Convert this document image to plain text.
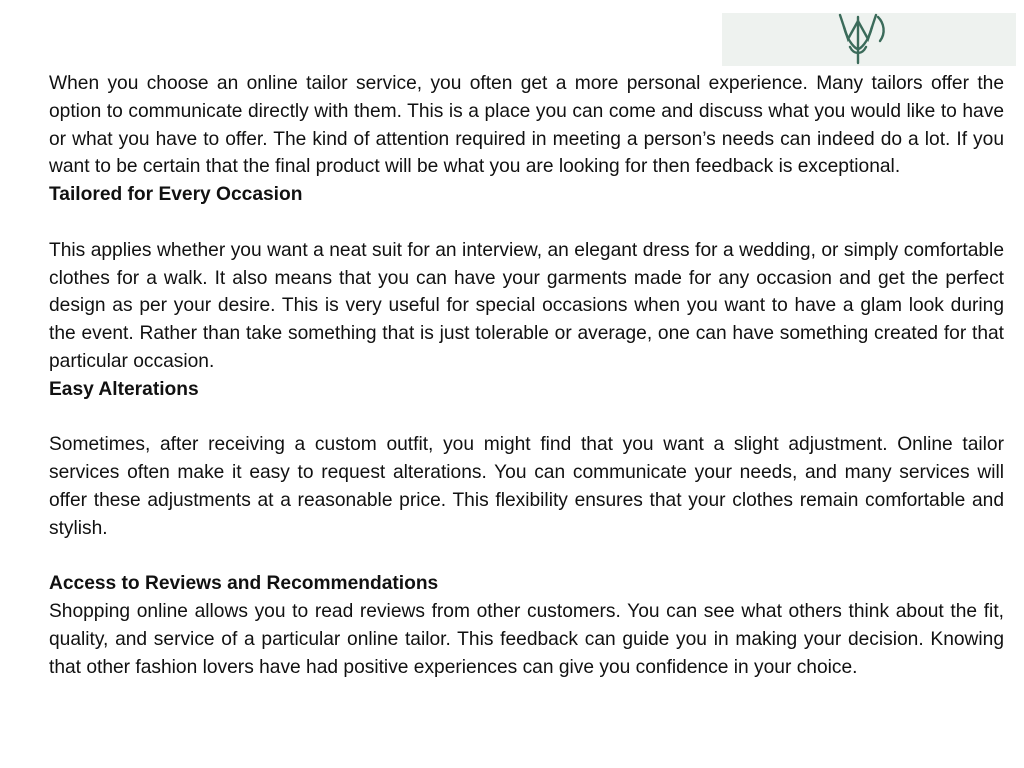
When you choose an online tailor service, you often get a more personal experience. Many tailors offer the option to communicate directly with them. This is a place you can come and discuss what you would like to have or what you have to offer. The kind of attention required in meeting a person’s needs can indeed do a lot. If you want to be certain that the final product will be what you are looking for then feedback is exceptional.

Tailored for Every Occasion

This applies whether you want a neat suit for an interview, an elegant dress for a wedding, or simply comfortable clothes for a walk. It also means that you can have your garments made for any occasion and get the perfect design as per your desire. This is very useful for special occasions when you want to have a glam look during the event. Rather than take something that is just tolerable or average, one can have something created for that particular occasion.

Easy Alterations

Sometimes, after receiving a custom outfit, you might find that you want a slight adjustment. Online tailor services often make it easy to request alterations. You can communicate your needs, and many services will offer these adjustments at a reasonable price. This flexibility ensures that your clothes remain comfortable and stylish.

Access to Reviews and Recommendations

Shopping online allows you to read reviews from other customers. You can see what others think about the fit, quality, and service of a particular online tailor. This feedback can guide you in making your decision. Knowing that other fashion lovers have had positive experiences can give you confidence in your choice.
